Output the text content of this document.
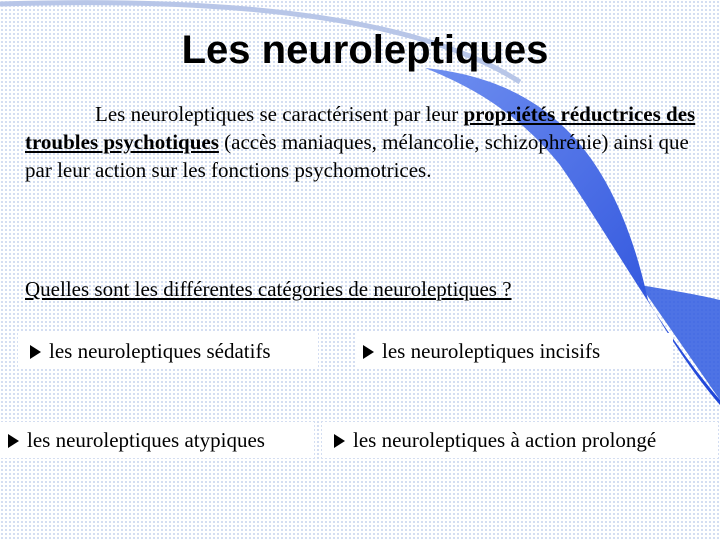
Les neuroleptiques

Les neuroleptiques se caractérisent par leur propriétés réductrices des troubles psychotiques (accès maniaques, mélancolie, schizophrénie) ainsi que par leur action sur les fonctions psychomotrices.

Quelles sont les différentes catégories de neuroleptiques ?

les neuroleptiques sédatifs	les neuroleptiques incisifs
les neuroleptiques atypiques	les neuroleptiques à action prolongé
